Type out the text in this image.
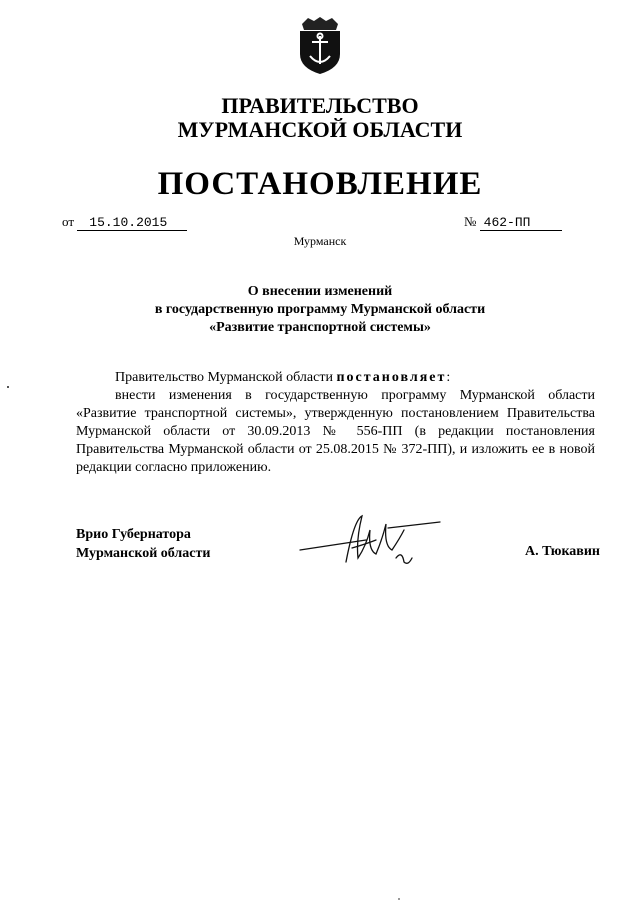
ПРАВИТЕЛЬСТВО
МУРМАНСКОЙ ОБЛАСТИ
ПОСТАНОВЛЕНИЕ
от 15.10.2015	№ 462-ПП
Мурманск
О внесении изменений
в государственную программу Мурманской области
«Развитие транспортной системы»
Правительство Мурманской области постановляет:

внести изменения в государственную программу Мурманской области «Развитие транспортной системы», утвержденную постановлением Правительства Мурманской области от 30.09.2013 № 556-ПП (в редакции постановления Правительства Мурманской области от 25.08.2015 № 372-ПП), и изложить ее в новой редакции согласно приложению.

Врио Губернатора
Мурманской области	А. Тюкавин
